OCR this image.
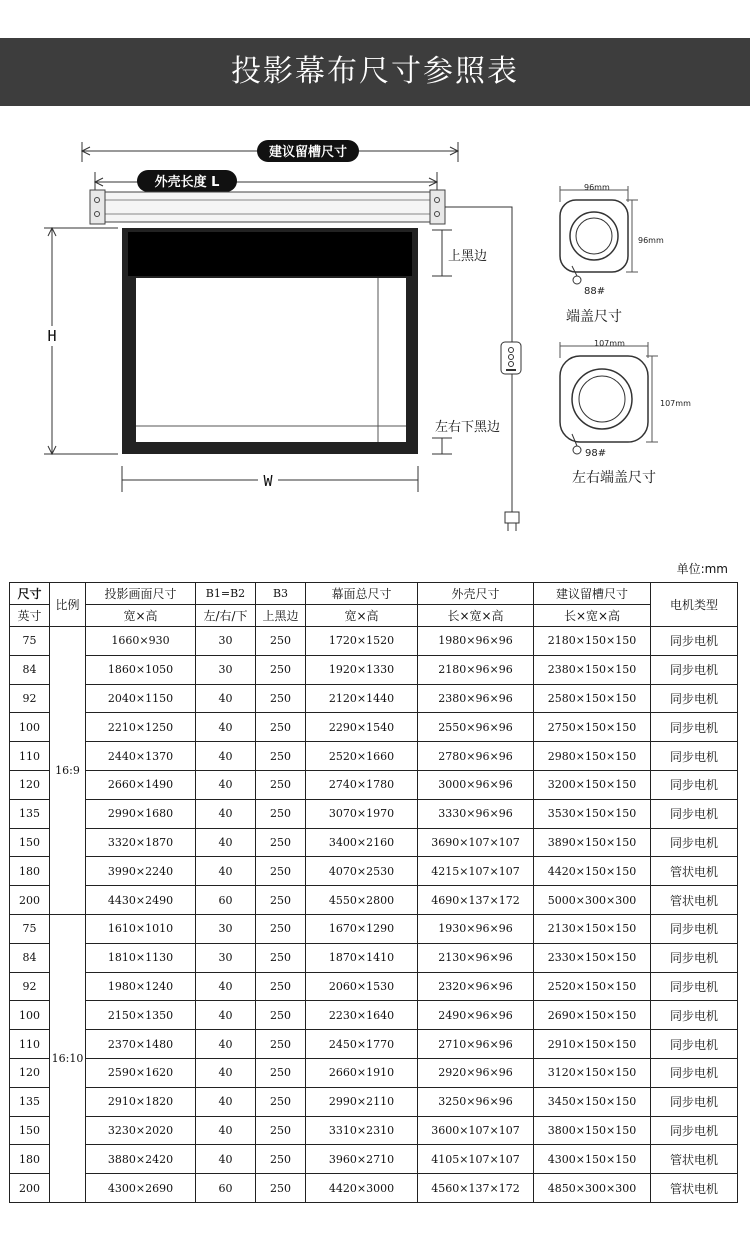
投影幕布尺寸参照表
建议留槽尺寸
外壳长度 L
上黑边
左右下黑边
H
W
96mm
96mm
88#
端盖尺寸
107mm
107mm
98#
左右端盖尺寸
单位:mm
尺寸	比例	投影画面尺寸	B1=B2	B3	幕面总尺寸	外壳尺寸	建议留槽尺寸	电机类型
英寸		宽×高	左/右/下	上黑边	宽×高	长×宽×高	长×宽×高	
75	16:9	1660×930	30	250	1720×1520	1980×96×96	2180×150×150	同步电机
84		1860×1050	30	250	1920×1330	2180×96×96	2380×150×150	同步电机
92		2040×1150	40	250	2120×1440	2380×96×96	2580×150×150	同步电机
100		2210×1250	40	250	2290×1540	2550×96×96	2750×150×150	同步电机
110		2440×1370	40	250	2520×1660	2780×96×96	2980×150×150	同步电机
120		2660×1490	40	250	2740×1780	3000×96×96	3200×150×150	同步电机
135		2990×1680	40	250	3070×1970	3330×96×96	3530×150×150	同步电机
150		3320×1870	40	250	3400×2160	3690×107×107	3890×150×150	同步电机
180		3990×2240	40	250	4070×2530	4215×107×107	4420×150×150	管状电机
200		4430×2490	60	250	4550×2800	4690×137×172	5000×300×300	管状电机
75	16:10	1610×1010	30	250	1670×1290	1930×96×96	2130×150×150	同步电机
84		1810×1130	30	250	1870×1410	2130×96×96	2330×150×150	同步电机
92		1980×1240	40	250	2060×1530	2320×96×96	2520×150×150	同步电机
100		2150×1350	40	250	2230×1640	2490×96×96	2690×150×150	同步电机
110		2370×1480	40	250	2450×1770	2710×96×96	2910×150×150	同步电机
120		2590×1620	40	250	2660×1910	2920×96×96	3120×150×150	同步电机
135		2910×1820	40	250	2990×2110	3250×96×96	3450×150×150	同步电机
150		3230×2020	40	250	3310×2310	3600×107×107	3800×150×150	同步电机
180		3880×2420	40	250	3960×2710	4105×107×107	4300×150×150	管状电机
200		4300×2690	60	250	4420×3000	4560×137×172	4850×300×300	管状电机
